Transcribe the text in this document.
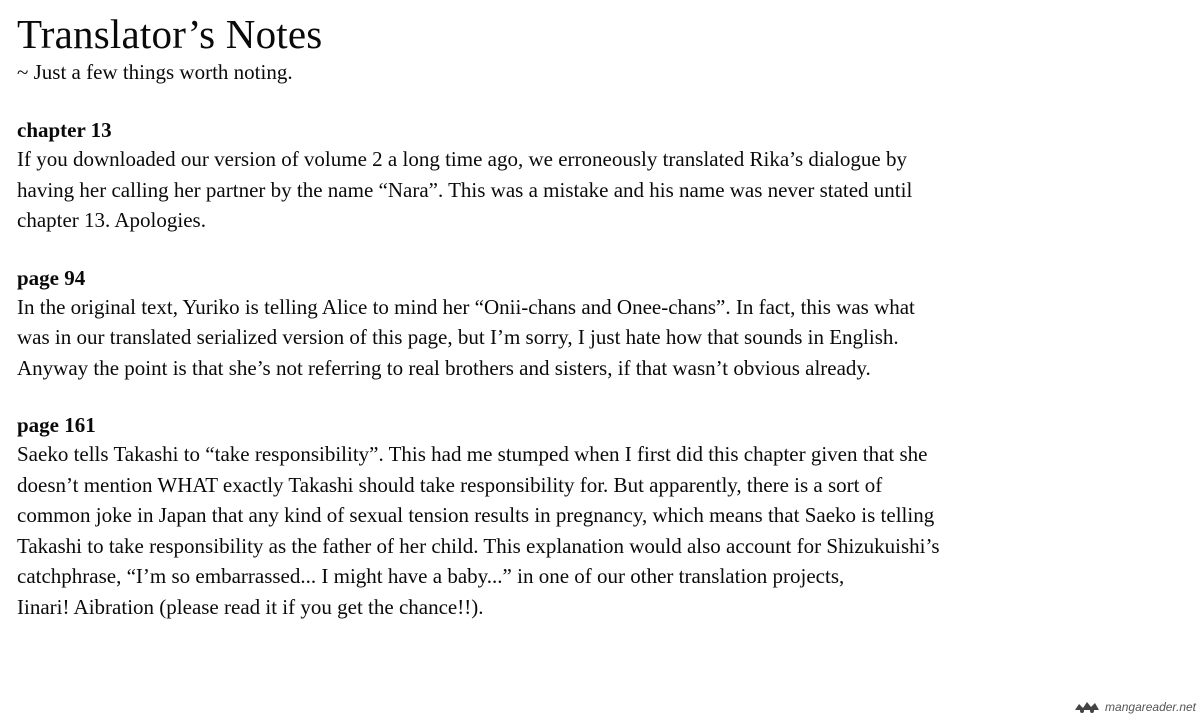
Translator’s Notes

~ Just a few things worth noting.

chapter 13

If you downloaded our version of volume 2 a long time ago, we erroneously translated Rika’s dialogue by

having her calling her partner by the name “Nara”. This was a mistake and his name was never stated until

chapter 13. Apologies.

page 94

In the original text, Yuriko is telling Alice to mind her “Onii-chans and Onee-chans”. In fact, this was what

was in our translated serialized version of this page, but I’m sorry, I just hate how that sounds in English.

Anyway the point is that she’s not referring to real brothers and sisters, if that wasn’t obvious already.

page 161

Saeko tells Takashi to “take responsibility”. This had me stumped when I first did this chapter given that she

doesn’t mention WHAT exactly Takashi should take responsibility for. But apparently, there is a sort of

common joke in Japan that any kind of sexual tension results in pregnancy, which means that Saeko is telling

Takashi to take responsibility as the father of her child. This explanation would also account for Shizukuishi’s

catchphrase, “I’m so embarrassed... I might have a baby...” in one of our other translation projects,

Iinari! Aibration (please read it if you get the chance!!).

mangareader.net
